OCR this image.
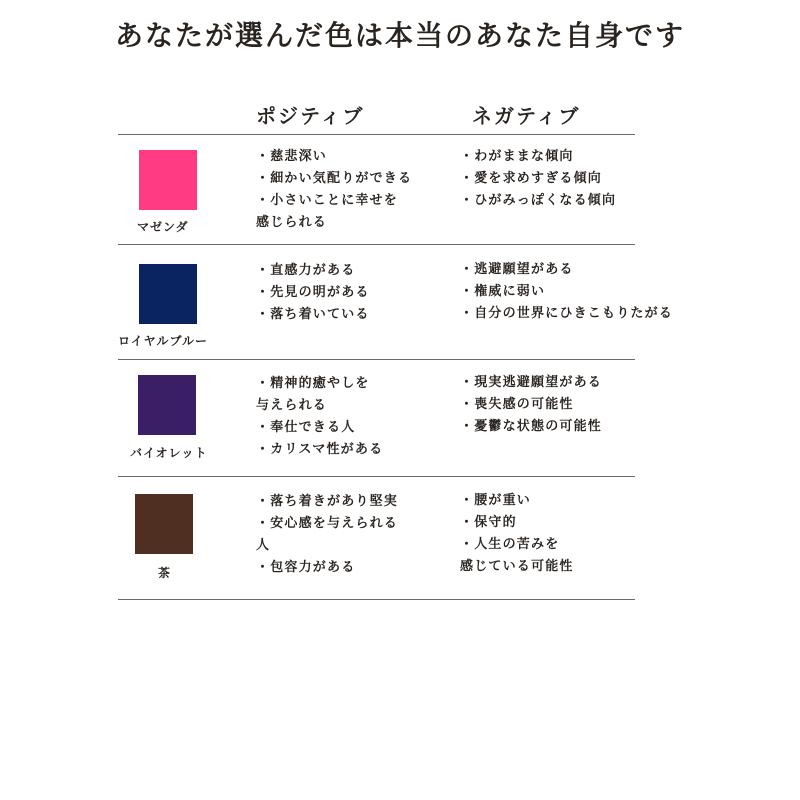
あなたが選んだ色は本当のあなた自身です
ポジティブ	ネガティブ
マゼンダ
・慈悲深い
・細かい気配りができる
・小さいことに幸せを
感じられる
・わがままな傾向
・愛を求めすぎる傾向
・ひがみっぽくなる傾向
ロイヤルブルー
・直感力がある
・先見の明がある
・落ち着いている
・逃避願望がある
・権威に弱い
・自分の世界にひきこもりたがる
バイオレット
・精神的癒やしを
与えられる
・奉仕できる人
・カリスマ性がある
・現実逃避願望がある
・喪失感の可能性
・憂鬱な状態の可能性
茶
・落ち着きがあり堅実
・安心感を与えられる
人
・包容力がある
・腰が重い
・保守的
・人生の苦みを
感じている可能性
